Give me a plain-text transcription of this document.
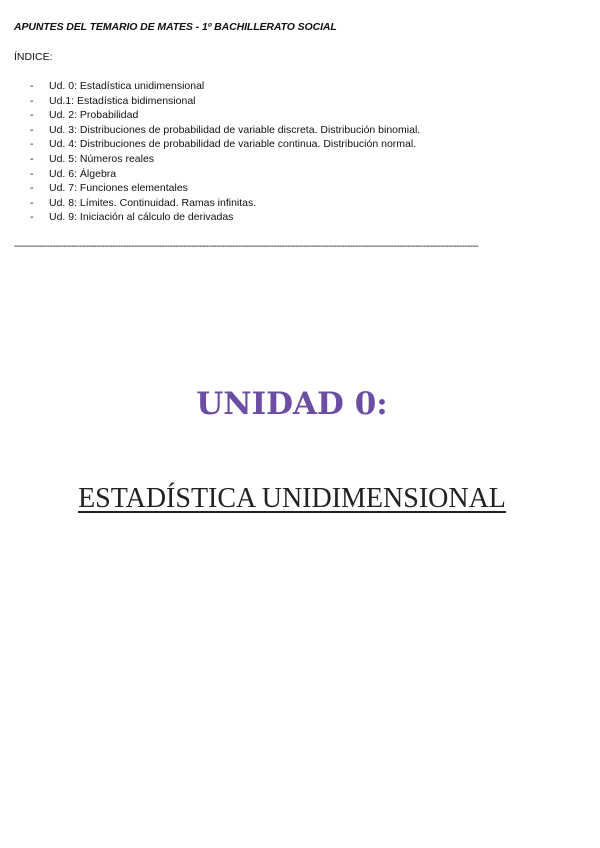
APUNTES DEL TEMARIO DE MATES - 1º BACHILLERATO SOCIAL
ÍNDICE:
-	Ud. 0: Estadística unidimensional
-	Ud.1: Estadística bidimensional
-	Ud. 2: Probabilidad
-	Ud. 3: Distribuciones de probabilidad de variable discreta. Distribución binomial.
-	Ud. 4: Distribuciones de probabilidad de variable continua. Distribución normal.
-	Ud. 5: Números reales
-	Ud. 6: Álgebra
-	Ud. 7: Funciones elementales
-	Ud. 8: Límites. Continuidad. Ramas infinitas.
-	Ud. 9: Iniciación al cálculo de derivadas
--------------------------------------------------------------------------------------------------------------------------------------------------------------------------
UNIDAD 0:
ESTADÍSTICA UNIDIMENSIONAL
